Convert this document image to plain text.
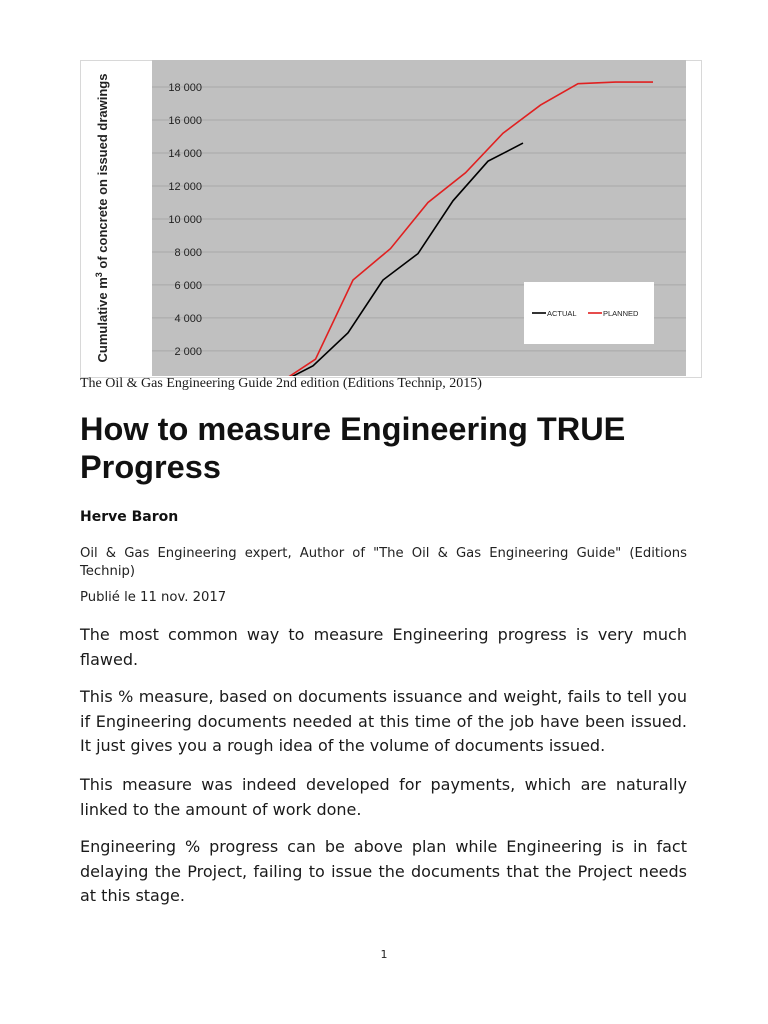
2 000
4 000
6 000
8 000
10 000
12 000
14 000
16 000
18 000
Cumulative $m^3$ of concrete on issued drawings
ACTUAL	PLANNED
The Oil & Gas Engineering Guide 2nd edition (Editions Technip, 2015)
How to measure Engineering TRUE Progress
Herve Baron

Oil & Gas Engineering expert, Author of "The Oil & Gas Engineering Guide" (Editions Technip)

Publié le 11 nov. 2017

The most common way to measure Engineering progress is very much flawed.

This % measure, based on documents issuance and weight, fails to tell you if Engineering documents needed at this time of the job have been issued. It just gives you a rough idea of the volume of documents issued.

This measure was indeed developed for payments, which are naturally linked to the amount of work done.

Engineering % progress can be above plan while Engineering is in fact delaying the Project, failing to issue the documents that the Project needs at this stage.

1
